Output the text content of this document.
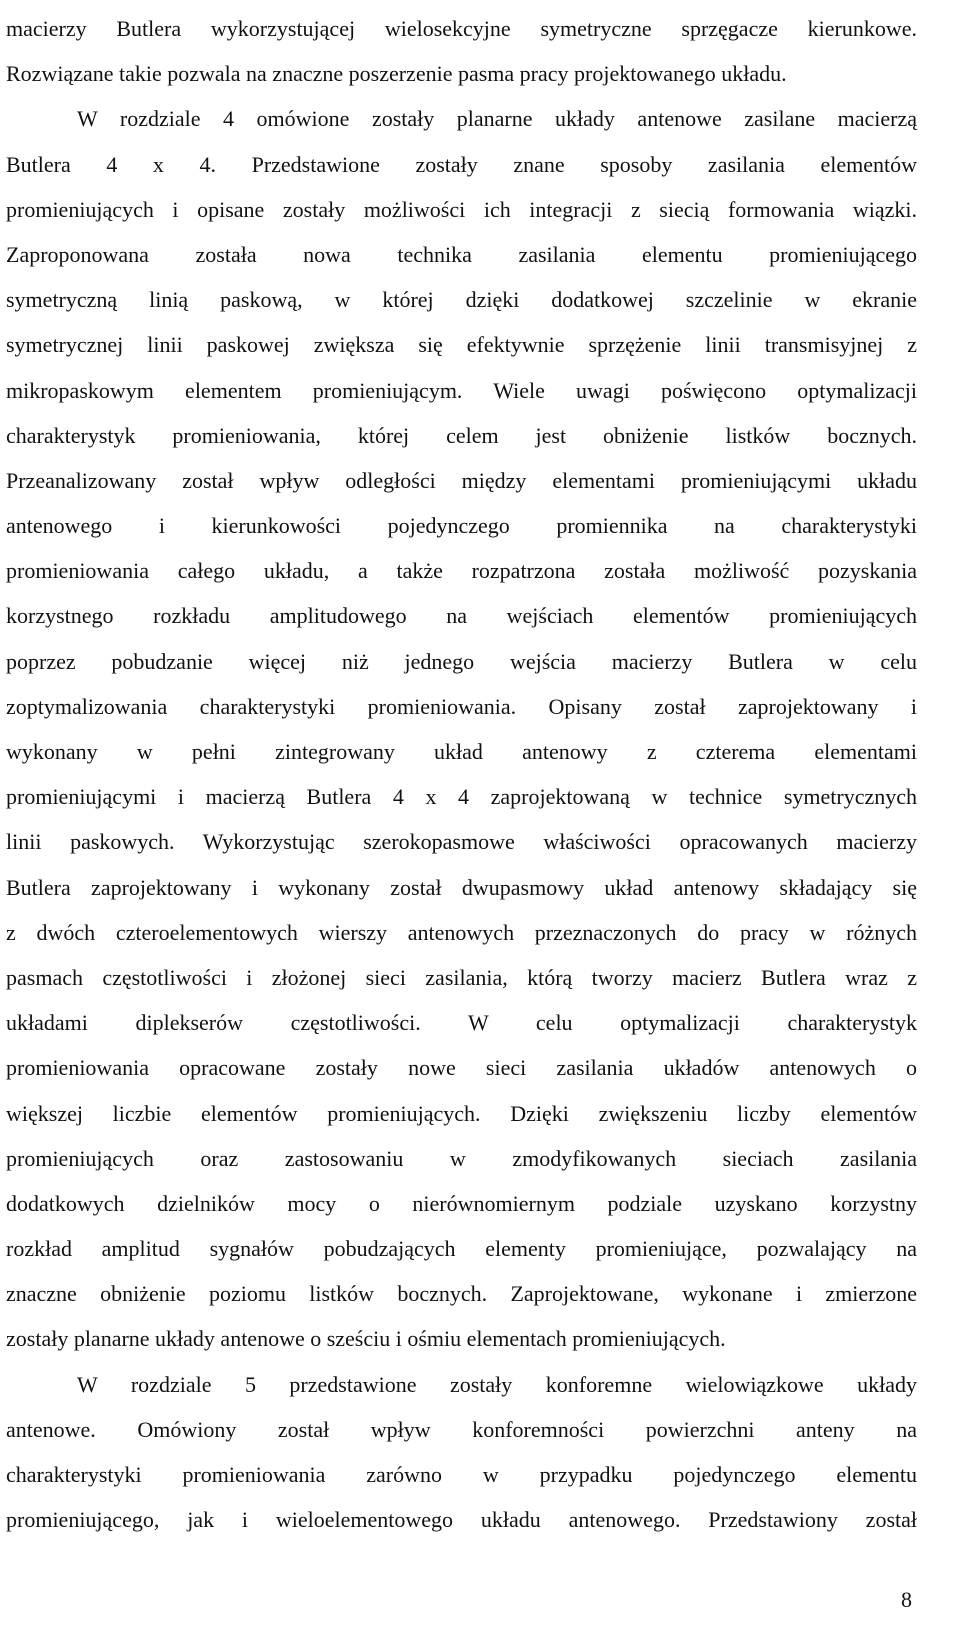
macierzy Butlera wykorzystującej wielosekcyjne symetryczne sprzęgacze kierunkowe.
Rozwiązane takie pozwala na znaczne poszerzenie pasma pracy projektowanego układu.
W rozdziale 4 omówione zostały planarne układy antenowe zasilane macierzą
Butlera 4 x 4. Przedstawione zostały znane sposoby zasilania elementów
promieniujących i opisane zostały możliwości ich integracji z siecią formowania wiązki.
Zaproponowana została nowa technika zasilania elementu promieniującego
symetryczną linią paskową, w której dzięki dodatkowej szczelinie w ekranie
symetrycznej linii paskowej zwiększa się efektywnie sprzężenie linii transmisyjnej z
mikropaskowym elementem promieniującym. Wiele uwagi poświęcono optymalizacji
charakterystyk promieniowania, której celem jest obniżenie listków bocznych.
Przeanalizowany został wpływ odległości między elementami promieniującymi układu
antenowego i kierunkowości pojedynczego promiennika na charakterystyki
promieniowania całego układu, a także rozpatrzona została możliwość pozyskania
korzystnego rozkładu amplitudowego na wejściach elementów promieniujących
poprzez pobudzanie więcej niż jednego wejścia macierzy Butlera w celu
zoptymalizowania charakterystyki promieniowania. Opisany został zaprojektowany i
wykonany w pełni zintegrowany układ antenowy z czterema elementami
promieniującymi i macierzą Butlera 4 x 4 zaprojektowaną w technice symetrycznych
linii paskowych. Wykorzystując szerokopasmowe właściwości opracowanych macierzy
Butlera zaprojektowany i wykonany został dwupasmowy układ antenowy składający się
z dwóch czteroelementowych wierszy antenowych przeznaczonych do pracy w różnych
pasmach częstotliwości i złożonej sieci zasilania, którą tworzy macierz Butlera wraz z
układami diplekserów częstotliwości. W celu optymalizacji charakterystyk
promieniowania opracowane zostały nowe sieci zasilania układów antenowych o
większej liczbie elementów promieniujących. Dzięki zwiększeniu liczby elementów
promieniujących oraz zastosowaniu w zmodyfikowanych sieciach zasilania
dodatkowych dzielników mocy o nierównomiernym podziale uzyskano korzystny
rozkład amplitud sygnałów pobudzających elementy promieniujące, pozwalający na
znaczne obniżenie poziomu listków bocznych. Zaprojektowane, wykonane i zmierzone
zostały planarne układy antenowe o sześciu i ośmiu elementach promieniujących.
W rozdziale 5 przedstawione zostały konforemne wielowiązkowe układy
antenowe. Omówiony został wpływ konforemności powierzchni anteny na
charakterystyki promieniowania zarówno w przypadku pojedynczego elementu
promieniującego, jak i wieloelementowego układu antenowego. Przedstawiony został
8
